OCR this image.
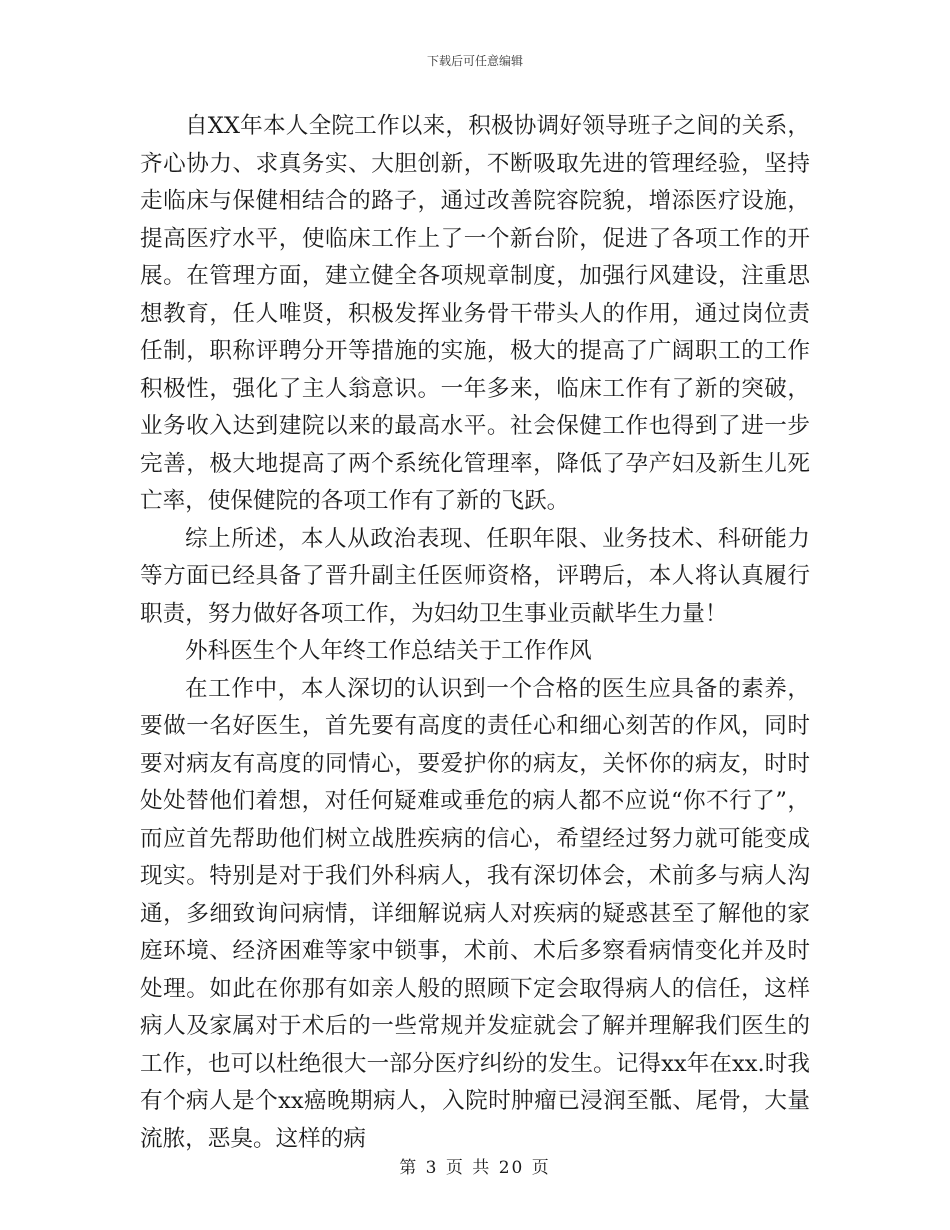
下载后可任意编辑

自XX年本人全院工作以来，积极协调好领导班子之间的关系，齐心协力、求真务实、大胆创新，不断吸取先进的管理经验，坚持走临床与保健相结合的路子，通过改善院容院貌，增添医疗设施，提高医疗水平，使临床工作上了一个新台阶，促进了各项工作的开展。在管理方面，建立健全各项规章制度，加强行风建设，注重思想教育，任人唯贤，积极发挥业务骨干带头人的作用，通过岗位责任制，职称评聘分开等措施的实施，极大的提高了广阔职工的工作积极性，强化了主人翁意识。一年多来，临床工作有了新的突破，业务收入达到建院以来的最高水平。社会保健工作也得到了进一步完善，极大地提高了两个系统化管理率，降低了孕产妇及新生儿死亡率，使保健院的各项工作有了新的飞跃。

综上所述，本人从政治表现、任职年限、业务技术、科研能力等方面已经具备了晋升副主任医师资格，评聘后，本人将认真履行职责，努力做好各项工作，为妇幼卫生事业贡献毕生力量！

外科医生个人年终工作总结关于工作作风

在工作中，本人深切的认识到一个合格的医生应具备的素养，要做一名好医生，首先要有高度的责任心和细心刻苦的作风，同时要对病友有高度的同情心，要爱护你的病友，关怀你的病友，时时处处替他们着想，对任何疑难或垂危的病人都不应说“你不行了”，而应首先帮助他们树立战胜疾病的信心，希望经过努力就可能变成现实。特别是对于我们外科病人，我有深切体会，术前多与病人沟通，多细致询问病情，详细解说病人对疾病的疑惑甚至了解他的家庭环境、经济困难等家中锁事，术前、术后多察看病情变化并及时处理。如此在你那有如亲人般的照顾下定会取得病人的信任，这样病人及家属对于术后的一些常规并发症就会了解并理解我们医生的工作，也可以杜绝很大一部分医疗纠纷的发生。记得xx年在xx.时我有个病人是个xx癌晚期病人，入院时肿瘤已浸润至骶、尾骨，大量流脓，恶臭。这样的病

第 3 页 共 20 页
